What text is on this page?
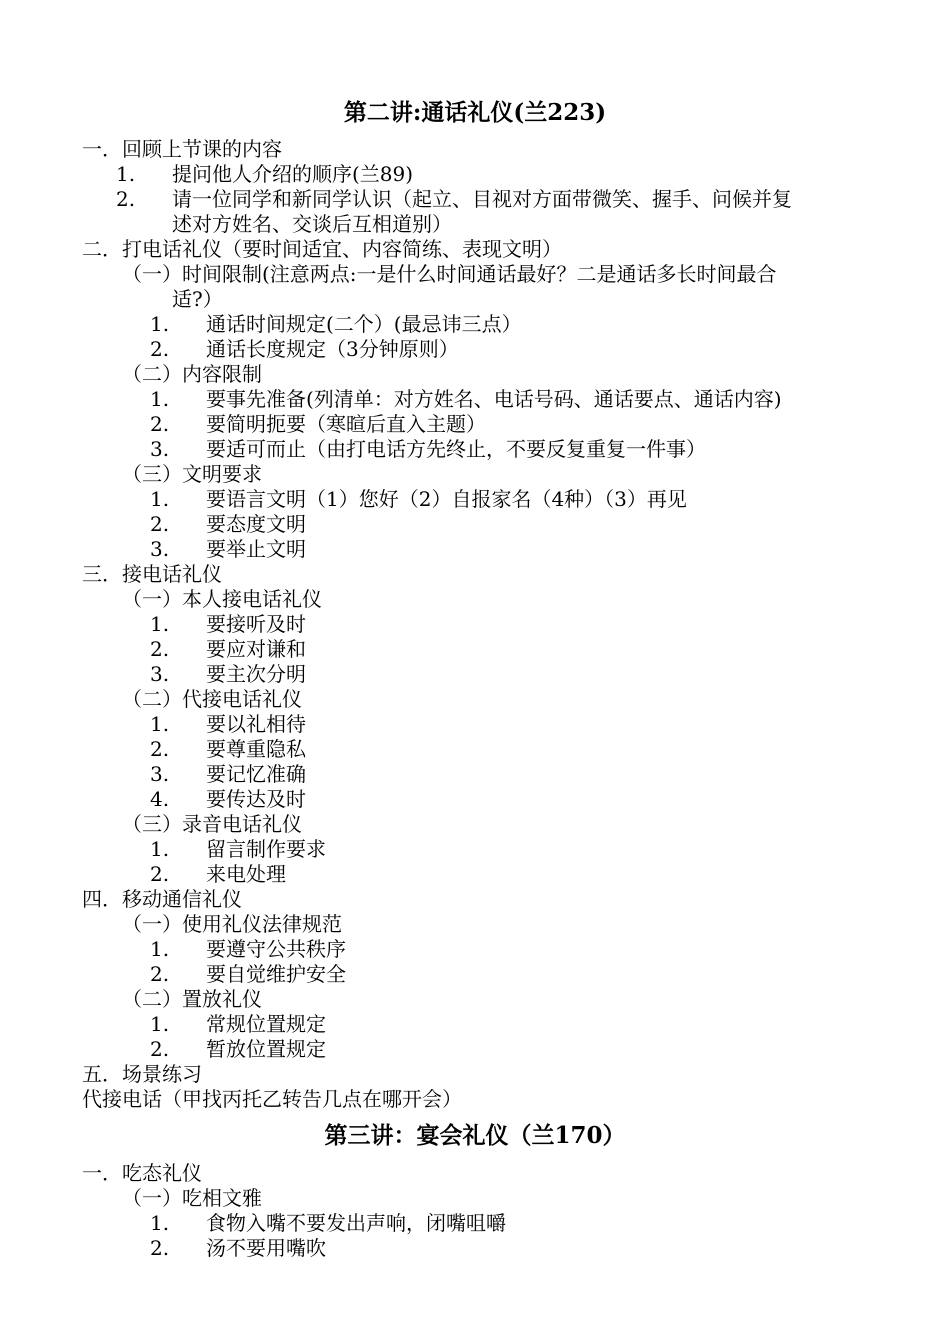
第二讲:通话礼仪(兰223)
一．回顾上节课的内容
1. 提问他人介绍的顺序(兰89)
2. 请一位同学和新同学认识（起立、目视对方面带微笑、握手、问候并复
述对方姓名、交谈后互相道别）
二．打电话礼仪（要时间适宜、内容简练、表现文明）
（一）时间限制(注意两点:一是什么时间通话最好？二是通话多长时间最合
适?）
1. 通话时间规定(二个）(最忌讳三点）
2. 通话长度规定（3分钟原则）
（二）内容限制
1. 要事先准备(列清单：对方姓名、电话号码、通话要点、通话内容)
2. 要简明扼要（寒暄后直入主题）
3. 要适可而止（由打电话方先终止，不要反复重复一件事）
（三）文明要求
1. 要语言文明（1）您好（2）自报家名（4种）（3）再见
2. 要态度文明
3. 要举止文明
三．接电话礼仪
（一）本人接电话礼仪
1. 要接听及时
2. 要应对谦和
3. 要主次分明
（二）代接电话礼仪
1. 要以礼相待
2. 要尊重隐私
3. 要记忆准确
4. 要传达及时
（三）录音电话礼仪
1. 留言制作要求
2. 来电处理
四．移动通信礼仪
（一）使用礼仪法律规范
1. 要遵守公共秩序
2. 要自觉维护安全
（二）置放礼仪
1. 常规位置规定
2. 暂放位置规定
五．场景练习
代接电话（甲找丙托乙转告几点在哪开会）
第三讲：宴会礼仪（兰170）
一．吃态礼仪
（一）吃相文雅
1. 食物入嘴不要发出声响，闭嘴咀嚼
2. 汤不要用嘴吹
